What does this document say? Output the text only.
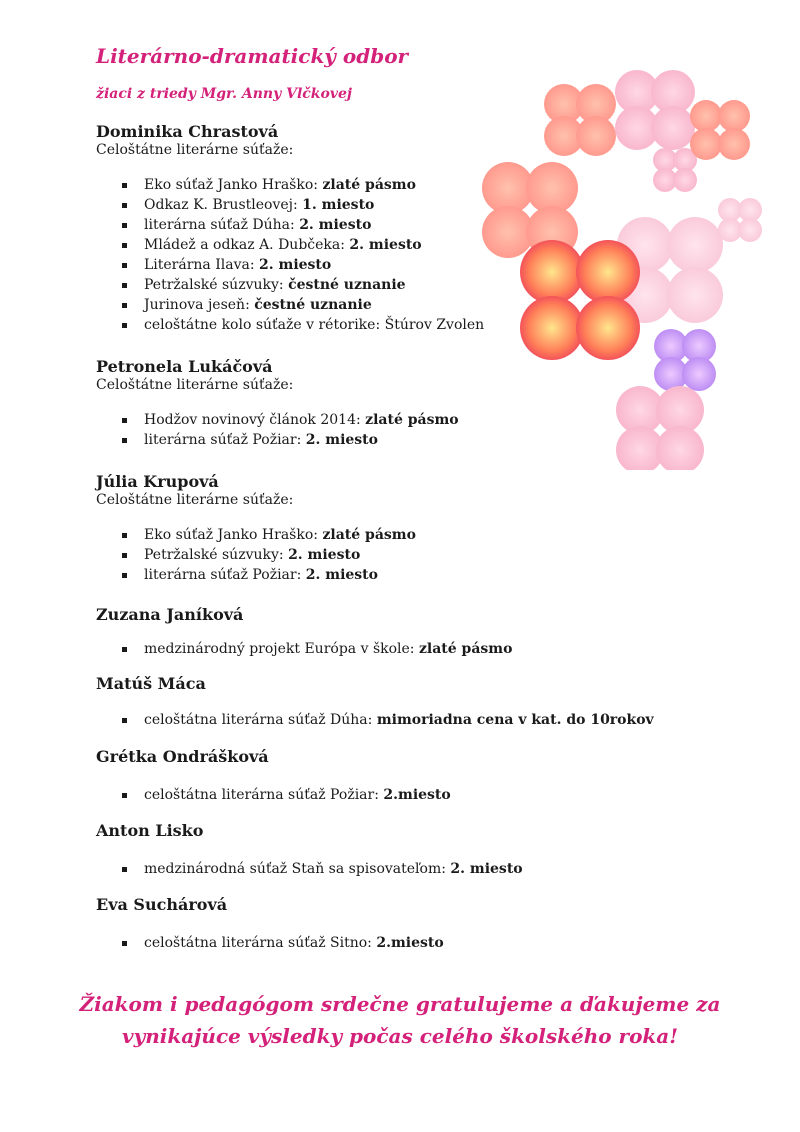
Literárno-dramatický odbor
žiaci z triedy Mgr. Anny Vlčkovej
Dominika Chrastová

Celoštátne literárne súťaže:

Eko súťaž Janko Hraško: zlaté pásmo
Odkaz K. Brustleovej: 1. miesto
literárna súťaž Dúha: 2. miesto
Mládež a odkaz A. Dubčeka: 2. miesto
Literárna Ilava: 2. miesto
Petržalské súzvuky: čestné uznanie
Jurinova jeseň: čestné uznanie
celoštátne kolo súťaže v rétorike: Štúrov Zvolen
Petronela Lukáčová

Celoštátne literárne súťaže:

Hodžov novinový článok 2014: zlaté pásmo
literárna súťaž Požiar: 2. miesto
Júlia Krupová

Celoštátne literárne súťaže:

Eko súťaž Janko Hraško: zlaté pásmo
Petržalské súzvuky: 2. miesto
literárna súťaž Požiar: 2. miesto
Zuzana Janíková
medzinárodný projekt Európa v škole: zlaté pásmo
Matúš Máca
celoštátna literárna súťaž Dúha: mimoriadna cena v kat. do 10rokov
Grétka Ondrášková
celoštátna literárna súťaž Požiar: 2.miesto
Anton Lisko
medzinárodná súťaž Staň sa spisovateľom: 2. miesto
Eva Suchárová
celoštátna literárna súťaž Sitno: 2.miesto
Žiakom i pedagógom srdečne gratulujeme a ďakujeme za
vynikajúce výsledky počas celého školského roka!
